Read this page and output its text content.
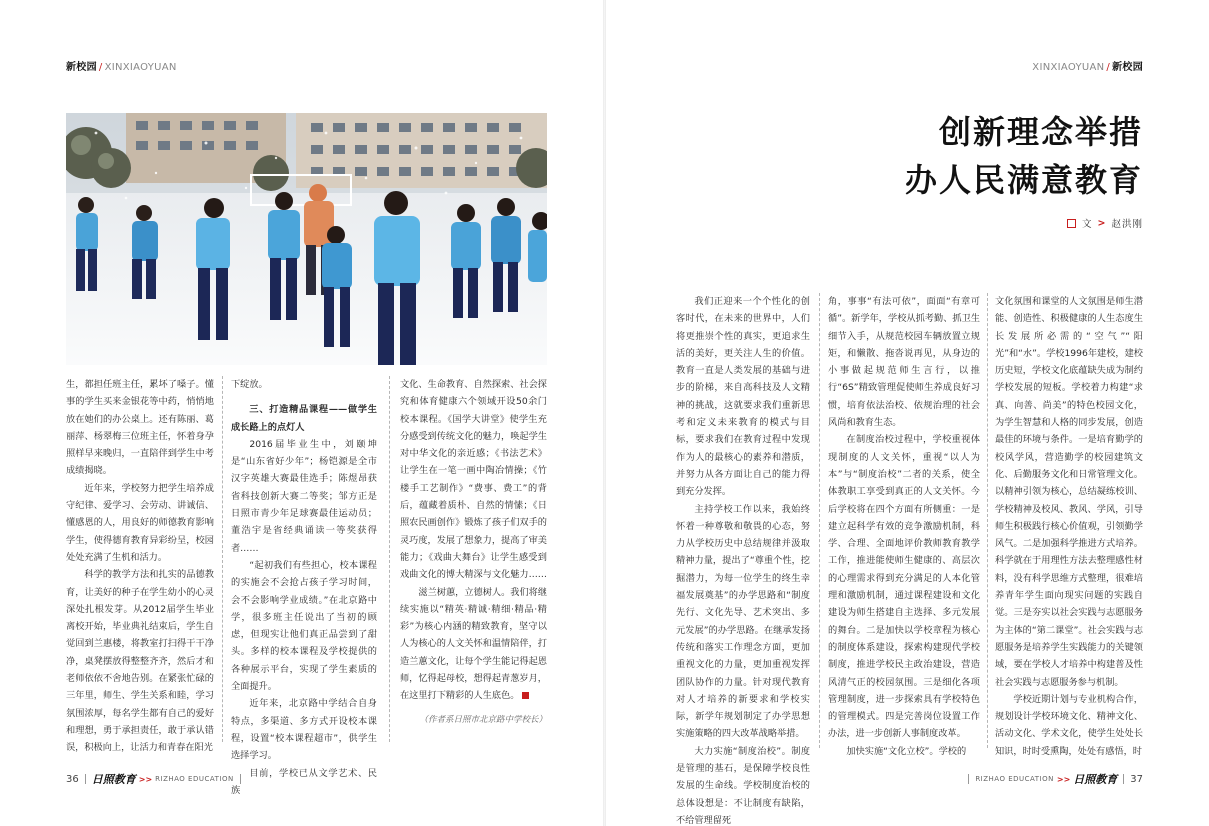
新校园 / XINXIAOYUAN	XINXIAOYUAN / 新校园

生，都担任班主任，累坏了嗓子。懂事的学生买来金银花等中药，悄悄地放在她们的办公桌上。还有陈丽、葛丽萍、杨翠梅三位班主任，怀着身孕照样早来晚归，一直陪伴到学生中考成绩揭晓。

近年来，学校努力把学生培养成守纪律、爱学习、会劳动、讲诚信、懂感恩的人，用良好的师德教育影响学生，使得德育教育异彩纷呈，校园处处充满了生机和活力。

科学的教学方法和扎实的品德教育，让美好的种子在学生幼小的心灵深处扎根发芽。从2012届学生毕业离校开始，毕业典礼结束后，学生自觉回到兰惠楼，将教室打扫得干干净净，桌凳摆放得整整齐齐，然后才和老师依依不舍地告别。在紧张忙碌的三年里，师生、学生关系和睦，学习氛围浓厚，每名学生都有自己的爱好和理想，勇于承担责任，敢于承认错误，积极向上，让活力和青春在阳光

下绽放。

三、打造精品课程——做学生成长路上的点灯人

2016届毕业生中，刘颐坤是“山东省好少年”；杨铠源是全市汉字英雄大赛最佳选手；陈煜昂获省科技创新大赛二等奖；邹方正是日照市青少年足球赛最佳运动员；董浩宇是省经典诵读一等奖获得者……

“起初我们有些担心，校本课程的实施会不会抢占孩子学习时间，会不会影响学业成绩。”在北京路中学，很多班主任说出了当初的顾虑，但现实让他们真正品尝到了甜头。多样的校本课程及学校提供的各种展示平台，实现了学生素质的全面提升。

近年来，北京路中学结合自身特点，多渠道、多方式开设校本课程，设置“校本课程超市”，供学生选择学习。

目前，学校已从文学艺术、民族

文化、生命教育、自然探索、社会探究和体育健康六个领域开设50余门校本课程。《国学大讲堂》使学生充分感受到传统文化的魅力，唤起学生对中华文化的亲近感；《书法艺术》让学生在一笔一画中陶冶情操；《竹楼手工艺制作》“费事、费工”的背后，蕴藏着质朴、自然的情愫；《日照农民画创作》锻炼了孩子们双手的灵巧度，发展了想象力，提高了审美能力；《戏曲大舞台》让学生感受到戏曲文化的博大精深与文化魅力……

滋兰树蕙，立德树人。我们将继续实施以“精英·精诚·精细·精品·精彩”为核心内涵的精致教育，坚守以人为核心的人文关怀和温情陪伴，打造兰蕙文化，让每个学生能记得起恩师，忆得起母校，想得起青葱岁月，在这里打下精彩的人生底色。

（作者系日照市北京路中学校长）
创新理念举措
办人民满意教育
文 > 赵洪刚

我们正迎来一个个性化的创客时代，在未来的世界中，人们将更推崇个性的真实，更追求生活的美好，更关注人生的价值。教育一直是人类发展的基础与进步的阶梯，来自高科技及人文精神的挑战，这就要求我们重新思考和定义未来教育的模式与目标，要求我们在教育过程中发现作为人的最核心的素养和潜质，并努力从各方面让自己的能力得到充分发挥。

主持学校工作以来，我始终怀着一种尊敬和敬畏的心态，努力从学校历史中总结规律并汲取精神力量，提出了“尊重个性，挖掘潜力，为每一位学生的终生幸福发展奠基”的办学思路和“制度先行、文化先导、艺术突出、多元发展”的办学思路。在继承发扬传统和落实工作理念方面，更加重视文化的力量，更加重视发挥团队协作的力量。针对现代教育对人才培养的新要求和学校实际，新学年规划制定了办学思想实施策略的四大改革战略举措。

大力实施“制度治校”。制度是管理的基石，是保障学校良性发展的生命线。学校制度治校的总体设想是：不让制度有缺陷，不给管理留死

角，事事“有法可依”，面面“有章可循”。新学年，学校从抓考勤、抓卫生细节入手，从规范校园车辆放置立规矩，和懒散、拖沓说再见，从身边的小事做起规范师生言行，以推行“6S”精致管理促使师生养成良好习惯，培育依法治校、依规治理的社会风尚和教育生态。

在制度治校过程中，学校重视体现制度的人文关怀，重视“以人为本”与“制度治校”二者的关系，使全体教职工享受到真正的人文关怀。今后学校将在四个方面有所侧重：一是建立起科学有效的竞争激励机制，科学、合理、全面地评价教师教育教学工作，推进能使师生健康的、高层次的心理需求得到充分满足的人本化管理和激励机制，通过课程建设和文化建设为师生搭建自主选择、多元发展的舞台。二是加快以学校章程为核心的制度体系建设，探索构建现代学校制度，推进学校民主政治建设，营造风清气正的校园氛围。三是细化各项管理制度，进一步探索具有学校特色的管理模式。四是完善岗位设置工作办法，进一步创新人事制度改革。

加快实施“文化立校”。学校的

文化氛围和课堂的人文氛围是师生潜能、创造性、积极健康的人生态度生长发展所必需的“空气”“阳光”和“水”。学校1996年建校，建校历史短，学校文化底蕴缺失成为制约学校发展的短板。学校着力构建“求真、向善、尚美”的特色校园文化，为学生智慧和人格的同步发展，创造最佳的环境与条件。一是培育勤学的校风学风，营造勤学的校园建筑文化、后勤服务文化和日常管理文化。以精神引领为核心，总结凝练校训、学校精神及校风、教风、学风，引导师生积极践行核心价值观，引领勤学风气。二是加强科学推进方式培养。科学就在于用理性方法去整理感性材料，没有科学思维方式整理，很难培养青年学生面向现实问题的实践自觉。三是夯实以社会实践与志愿服务为主体的“第二课堂”。社会实践与志愿服务是培养学生实践能力的关键领域，要在学校人才培养中构建普及性社会实践与志愿服务参与机制。

学校近期计划与专业机构合作，规划设计学校环境文化、精神文化、活动文化、学术文化，使学生处处长知识，时时受熏陶，处处有感悟，时

36 日照教育 >> RIZHAO EDUCATION	RIZHAO EDUCATION >> 日照教育 37
